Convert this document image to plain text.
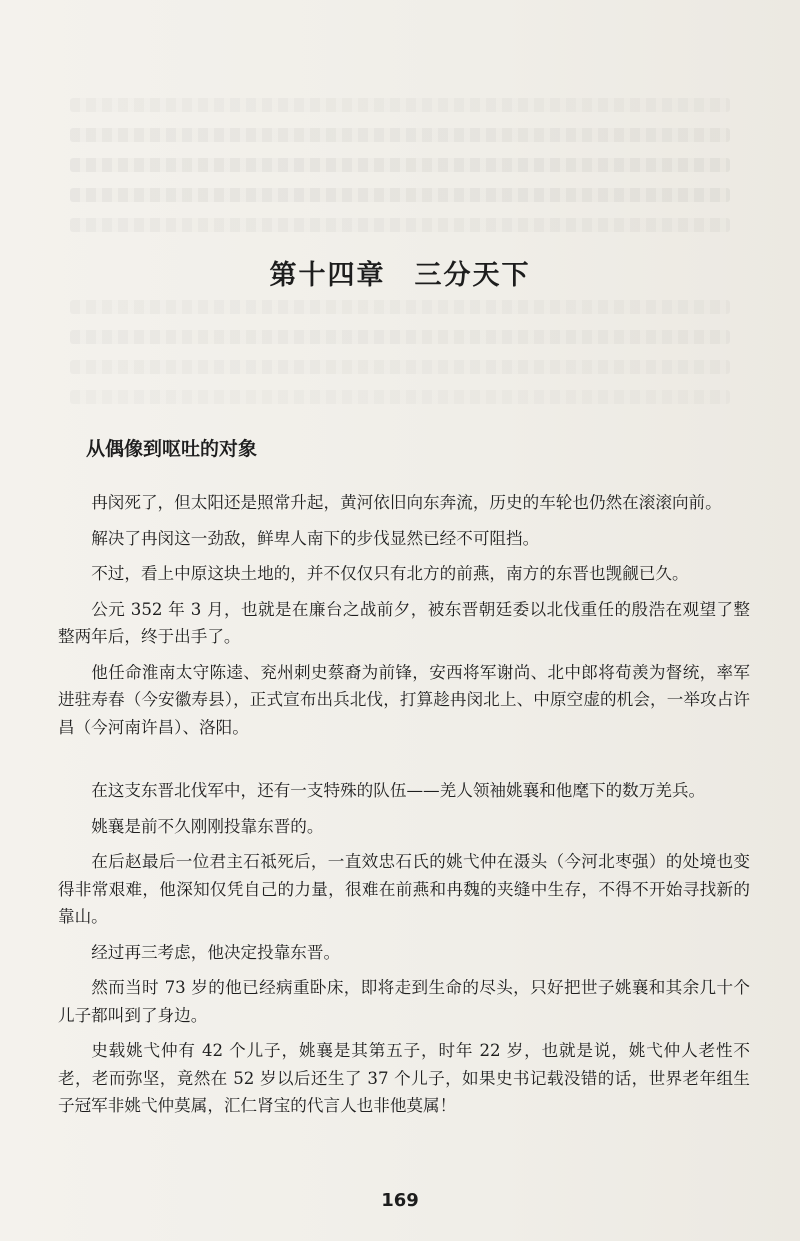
第十四章　三分天下
从偶像到呕吐的对象

冉闵死了，但太阳还是照常升起，黄河依旧向东奔流，历史的车轮也仍然在滚滚向前。

解决了冉闵这一劲敌，鲜卑人南下的步伐显然已经不可阻挡。

不过，看上中原这块土地的，并不仅仅只有北方的前燕，南方的东晋也觊觎已久。

公元 352 年 3 月，也就是在廉台之战前夕，被东晋朝廷委以北伐重任的殷浩在观望了整整两年后，终于出手了。

他任命淮南太守陈逵、兖州刺史蔡裔为前锋，安西将军谢尚、北中郎将荀羡为督统，率军进驻寿春（今安徽寿县），正式宣布出兵北伐，打算趁冉闵北上、中原空虚的机会，一举攻占许昌（今河南许昌）、洛阳。

在这支东晋北伐军中，还有一支特殊的队伍——羌人领袖姚襄和他麾下的数万羌兵。

姚襄是前不久刚刚投靠东晋的。

在后赵最后一位君主石祗死后，一直效忠石氏的姚弋仲在滠头（今河北枣强）的处境也变得非常艰难，他深知仅凭自己的力量，很难在前燕和冉魏的夹缝中生存，不得不开始寻找新的靠山。

经过再三考虑，他决定投靠东晋。

然而当时 73 岁的他已经病重卧床，即将走到生命的尽头，只好把世子姚襄和其余几十个儿子都叫到了身边。

史载姚弋仲有 42 个儿子，姚襄是其第五子，时年 22 岁，也就是说，姚弋仲人老性不老，老而弥坚，竟然在 52 岁以后还生了 37 个儿子，如果史书记载没错的话，世界老年组生子冠军非姚弋仲莫属，汇仁肾宝的代言人也非他莫属！

169
